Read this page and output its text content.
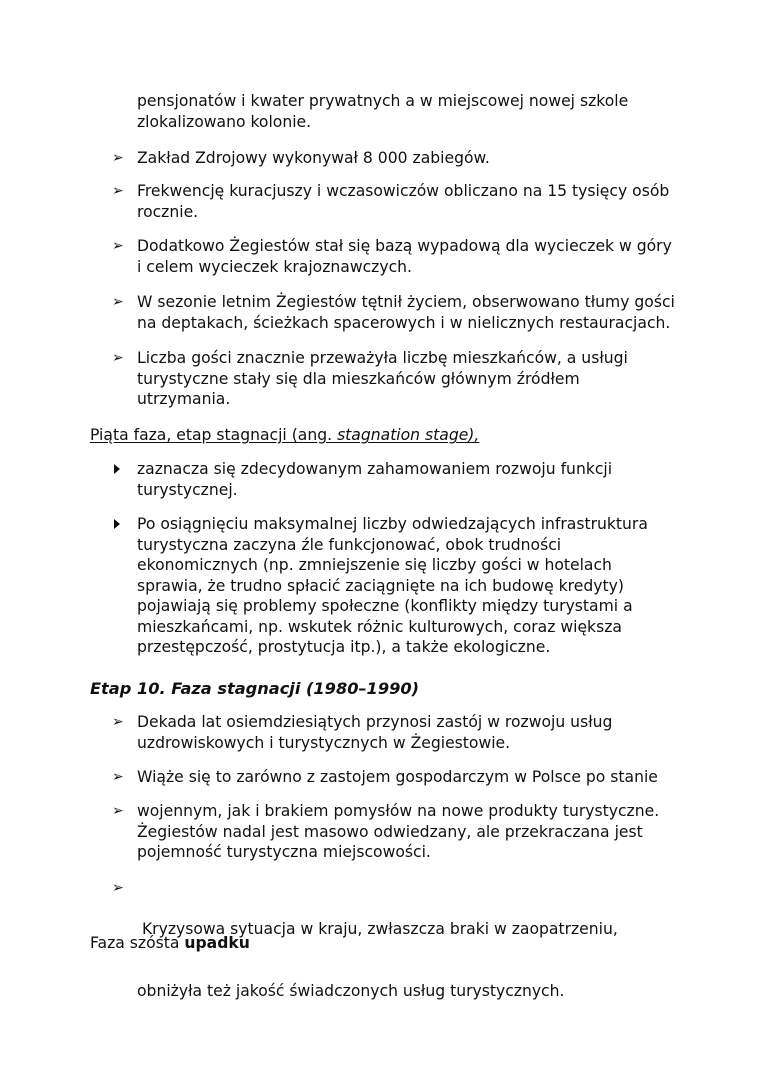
pensjonatów i kwater prywatnych a w miejscowej nowej szkole
zlokalizowano kolonie.
➢ Zakład Zdrojowy wykonywał 8 000 zabiegów.
➢ Frekwencję kuracjuszy i wczasowiczów obliczano na 15 tysięcy osób
rocznie.
➢ Dodatkowo Żegiestów stał się bazą wypadową dla wycieczek w góry
i celem wycieczek krajoznawczych.
➢ W sezonie letnim Żegiestów tętnił życiem, obserwowano tłumy gości
na deptakach, ścieżkach spacerowych i w nielicznych restauracjach.
➢ Liczba gości znacznie przeważyła liczbę mieszkańców, a usługi
turystyczne stały się dla mieszkańców głównym źródłem
utrzymania.
Piąta faza, etap stagnacji (ang. stagnation stage),
zaznacza się zdecydowanym zahamowaniem rozwoju funkcji
turystycznej.
Po osiągnięciu maksymalnej liczby odwiedzających infrastruktura
turystyczna zaczyna źle funkcjonować, obok trudności
ekonomicznych (np. zmniejszenie się liczby gości w hotelach
sprawia, że trudno spłacić zaciągnięte na ich budowę kredyty)
pojawiają się problemy społeczne (konflikty między turystami a
mieszkańcami, np. wskutek różnic kulturowych, coraz większa
przestępczość, prostytucja itp.), a także ekologiczne.
Etap 10. Faza stagnacji (1980–1990)
➢ Dekada lat osiemdziesiątych przynosi zastój w rozwoju usług
uzdrowiskowych i turystycznych w Żegiestowie.
➢ Wiąże się to zarówno z zastojem gospodarczym w Polsce po stanie
➢ wojennym, jak i brakiem pomysłów na nowe produkty turystyczne.
Żegiestów nadal jest masowo odwiedzany, ale przekraczana jest
pojemność turystyczna miejscowości.
➢

Kryzysowa sytuacja w kraju, zwłaszcza braki w zaopatrzeniu,

obniżyła też jakość świadczonych usług turystycznych.

Faza szósta upadku
